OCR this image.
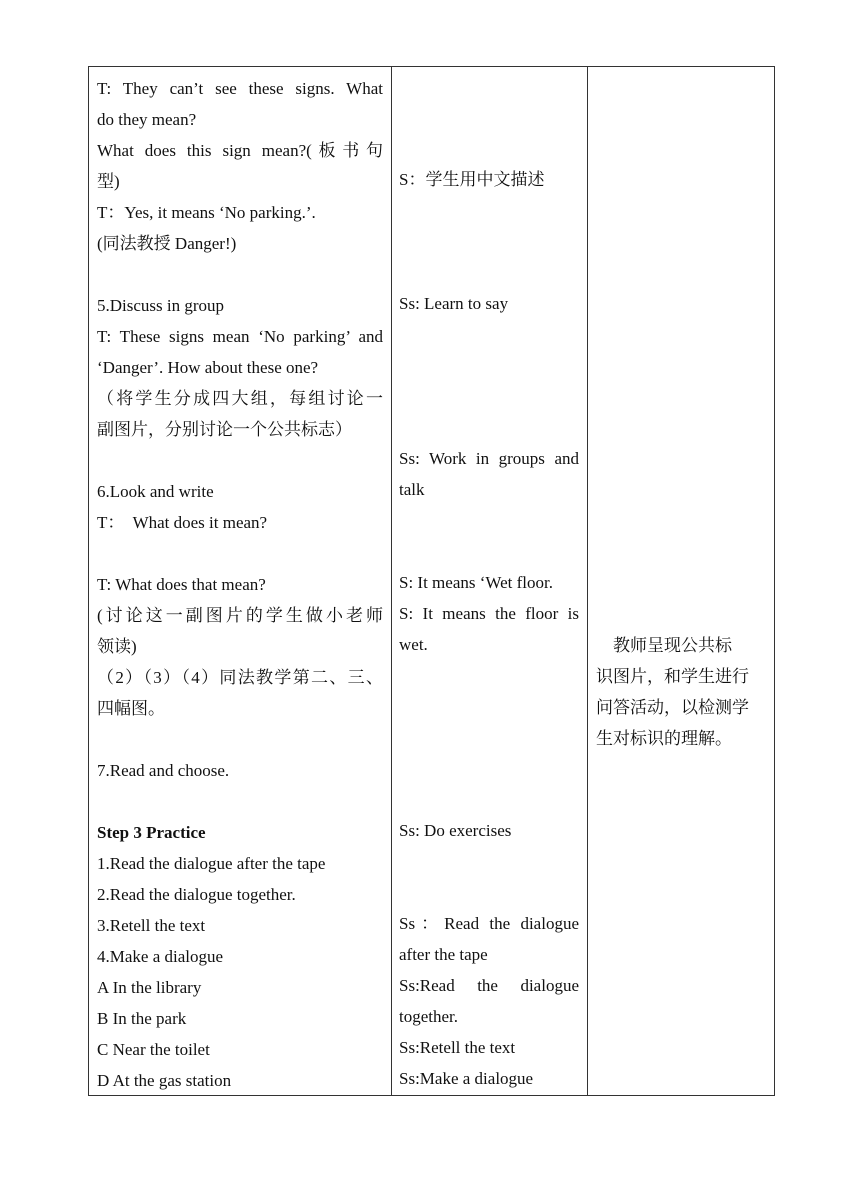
T: They can’t see these signs. What
do they mean?
What does this sign mean?(板书句
型)
T：Yes, it means ‘No parking.’.
(同法教授 Danger!)
5.Discuss in group
T: These signs mean ‘No parking’ and
‘Danger’. How about these one?
（将学生分成四大组，每组讨论一
副图片，分别讨论一个公共标志）
6.Look and write
T：  What does it mean?
T: What does that mean?
(讨论这一副图片的学生做小老师
领读)
（2）（3）（4）同法教学第二、三、
四幅图。
7.Read and choose.
Step 3 Practice
1.Read the dialogue after the tape
2.Read the dialogue together.
3.Retell the text
4.Make a dialogue
A In the library
B In the park
C Near the toilet
D At the gas station
S：学生用中文描述
Ss: Learn to say
Ss: Work in groups and
talk
S: It means ‘Wet floor.
S: It means the floor is
wet.
Ss: Do exercises
Ss：Read the dialogue
after the tape
Ss:Read   the   dialogue
together.
Ss:Retell the text
Ss:Make a dialogue
教师呈现公共标
识图片，和学生进行
问答活动，以检测学
生对标识的理解。
